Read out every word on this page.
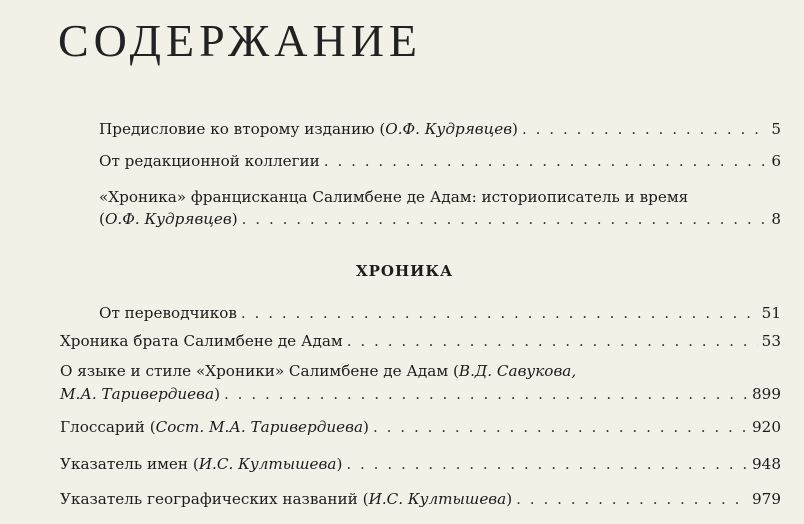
СОДЕРЖАНИЕ
Предисловие ко второму изданию (О.Ф. Кудрявцев) . . .	5
От редакционной коллегии . . .	6
«Хроника» францисканца Салимбене де Адам: историописатель и время
(О.Ф. Кудрявцев) . . .	8
ХРОНИКА
От переводчиков . . .	51
Хроника брата Салимбене де Адам . . .	53
О языке и стиле «Хроники» Салимбене де Адам (В.Д. Савукова,
М.А. Таривердиева) . . .	899
Глоссарий (Сост. М.А. Таривердиева) . . .	920
Указатель имен (И.С. Култышева) . . .	948
Указатель географических названий (И.С. Култышева) . . .	979
